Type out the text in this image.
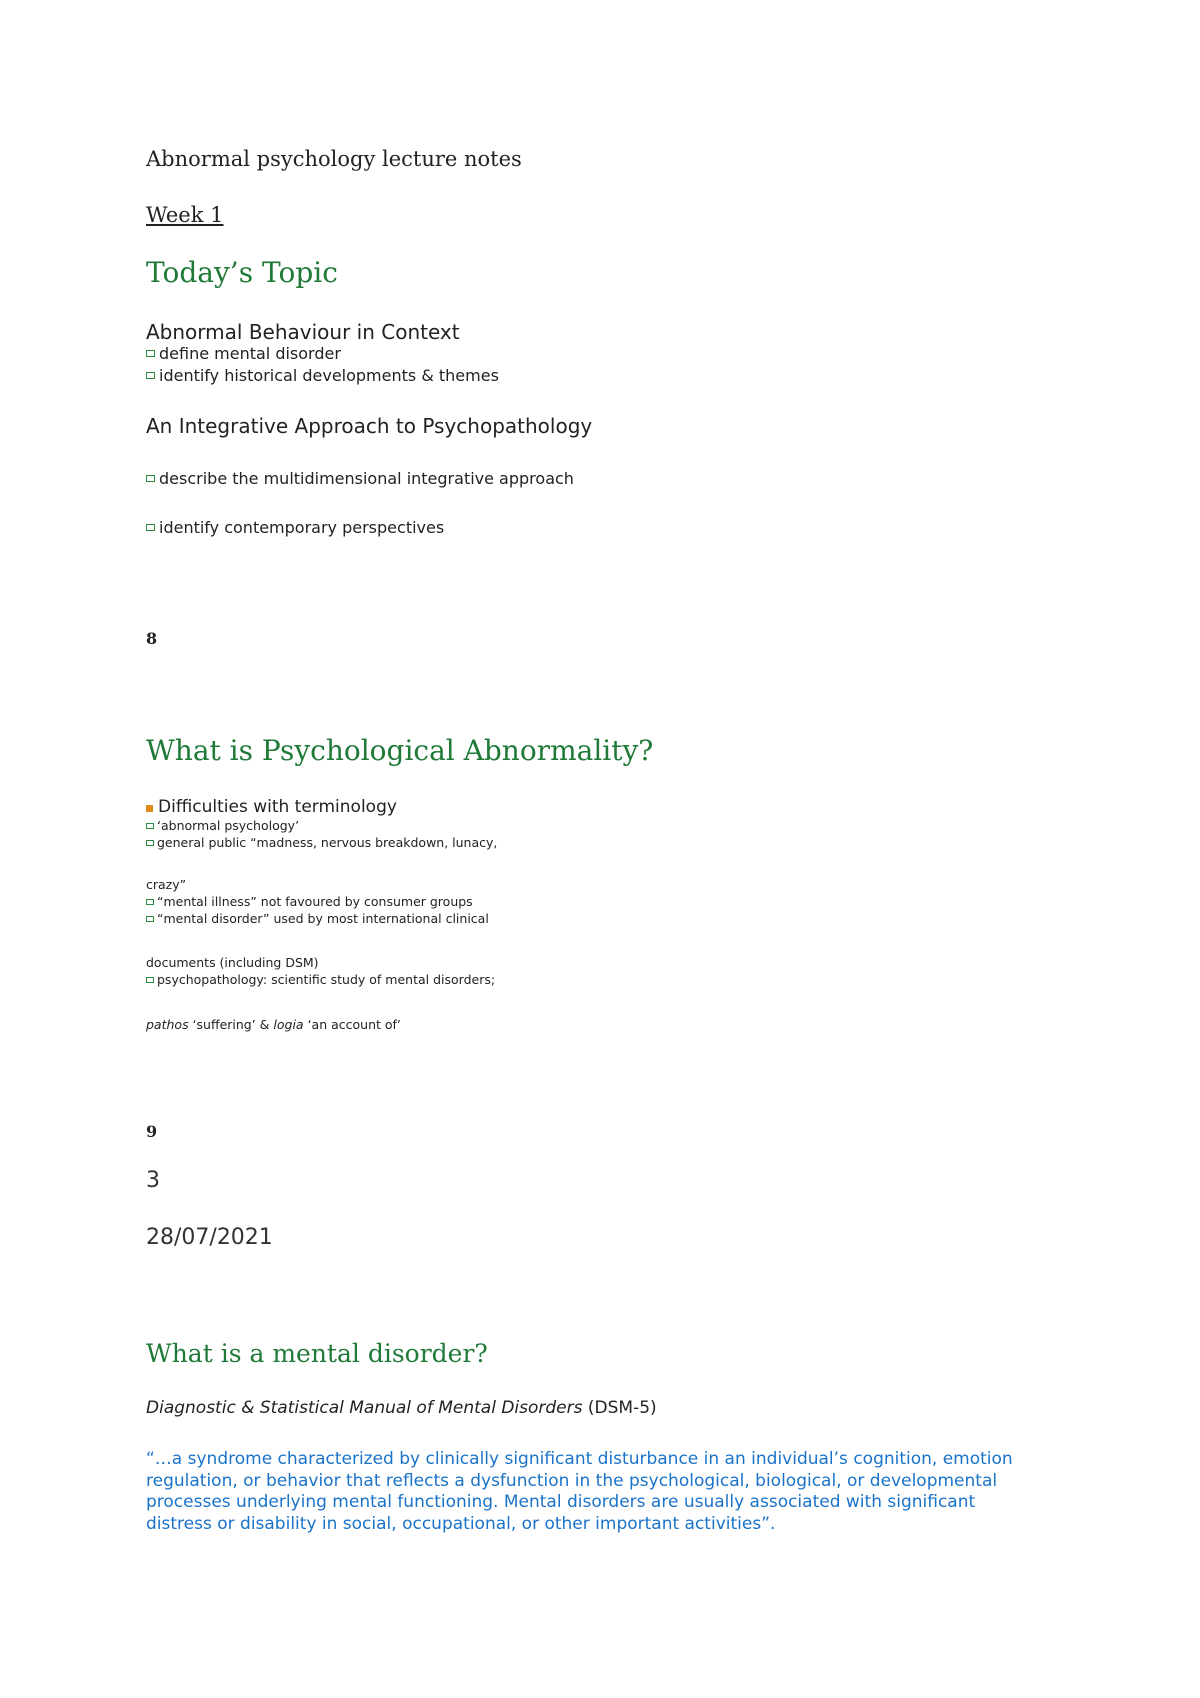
Abnormal psychology lecture notes
Week 1
Today’s Topic
Abnormal Behaviour in Context
define mental disorder
identify historical developments & themes
An Integrative Approach to Psychopathology
describe the multidimensional integrative approach
identify contemporary perspectives
8
What is Psychological Abnormality?
Difficulties with terminology
‘abnormal psychology’
general public “madness, nervous breakdown, lunacy,
crazy”
“mental illness” not favoured by consumer groups
“mental disorder” used by most international clinical
documents (including DSM)
psychopathology: scientific study of mental disorders;
pathos ‘suffering’ & logia ‘an account of’
9
3
28/07/2021
What is a mental disorder?
Diagnostic & Statistical Manual of Mental Disorders (DSM-5)
“…a syndrome characterized by clinically significant disturbance in an individual’s cognition, emotion regulation, or behavior that reflects a dysfunction in the psychological, biological, or developmental processes underlying mental functioning. Mental disorders are usually associated with significant distress or disability in social, occupational, or other important activities”.
